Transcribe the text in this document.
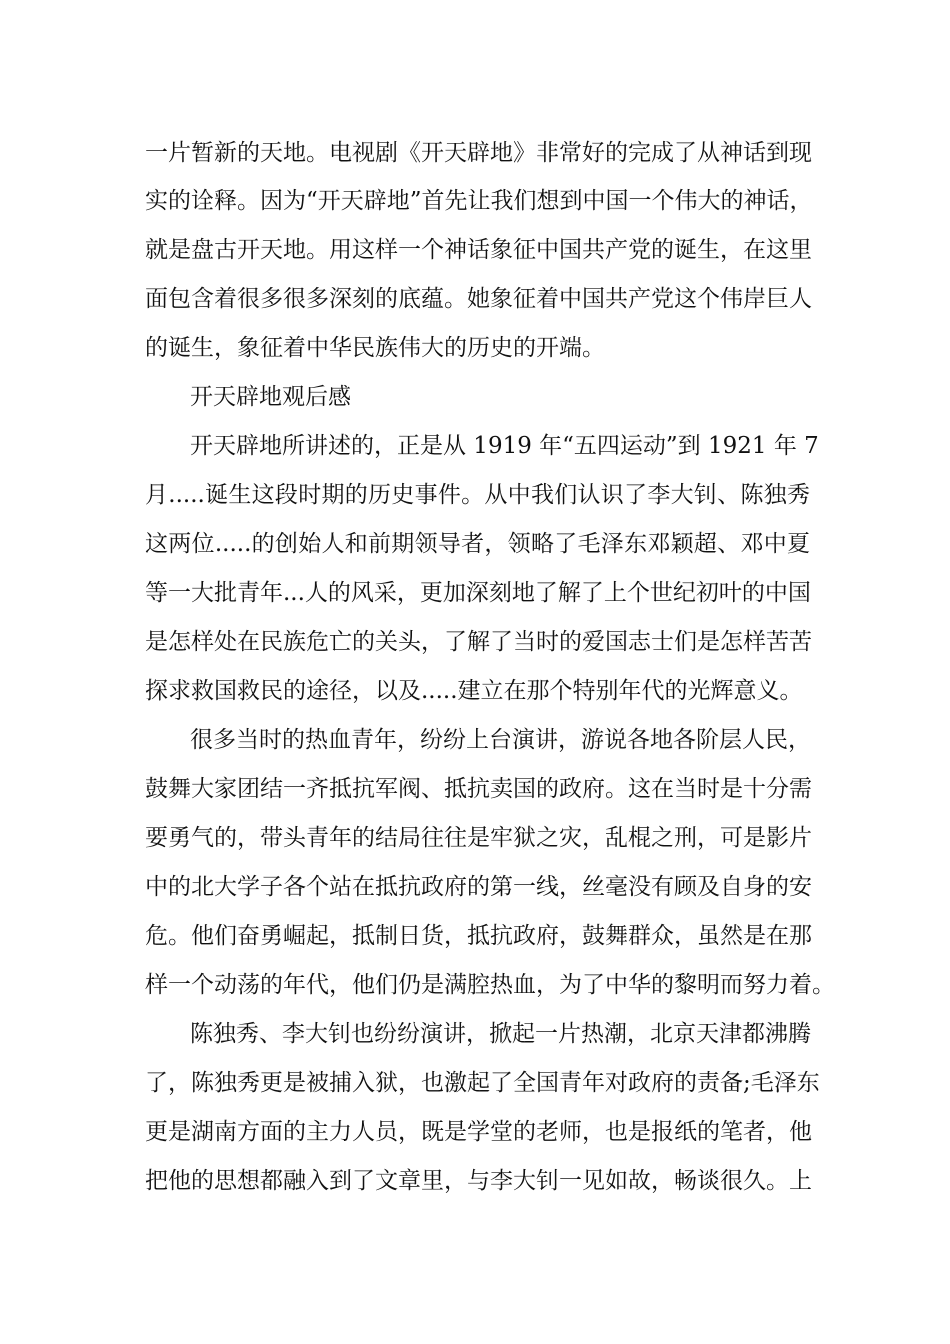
一片暂新的天地。电视剧《开天辟地》非常好的完成了从神话到现
实的诠释。因为“开天辟地”首先让我们想到中国一个伟大的神话，
就是盘古开天地。用这样一个神话象征中国共产党的诞生，在这里
面包含着很多很多深刻的底蕴。她象征着中国共产党这个伟岸巨人
的诞生，象征着中华民族伟大的历史的开端。
开天辟地观后感
开天辟地所讲述的，正是从 1919 年“五四运动”到 1921 年 7
月.....诞生这段时期的历史事件。从中我们认识了李大钊、陈独秀
这两位.....的创始人和前期领导者，领略了毛泽东邓颖超、邓中夏
等一大批青年...人的风采，更加深刻地了解了上个世纪初叶的中国
是怎样处在民族危亡的关头，了解了当时的爱国志士们是怎样苦苦
探求救国救民的途径，以及.....建立在那个特别年代的光辉意义。
很多当时的热血青年，纷纷上台演讲，游说各地各阶层人民，
鼓舞大家团结一齐抵抗军阀、抵抗卖国的政府。这在当时是十分需
要勇气的，带头青年的结局往往是牢狱之灾，乱棍之刑，可是影片
中的北大学子各个站在抵抗政府的第一线，丝毫没有顾及自身的安
危。他们奋勇崛起，抵制日货，抵抗政府，鼓舞群众，虽然是在那
样一个动荡的年代，他们仍是满腔热血，为了中华的黎明而努力着。
陈独秀、李大钊也纷纷演讲，掀起一片热潮，北京天津都沸腾
了，陈独秀更是被捕入狱，也激起了全国青年对政府的责备;毛泽东
更是湖南方面的主力人员，既是学堂的老师，也是报纸的笔者，他
把他的思想都融入到了文章里，与李大钊一见如故，畅谈很久。上
